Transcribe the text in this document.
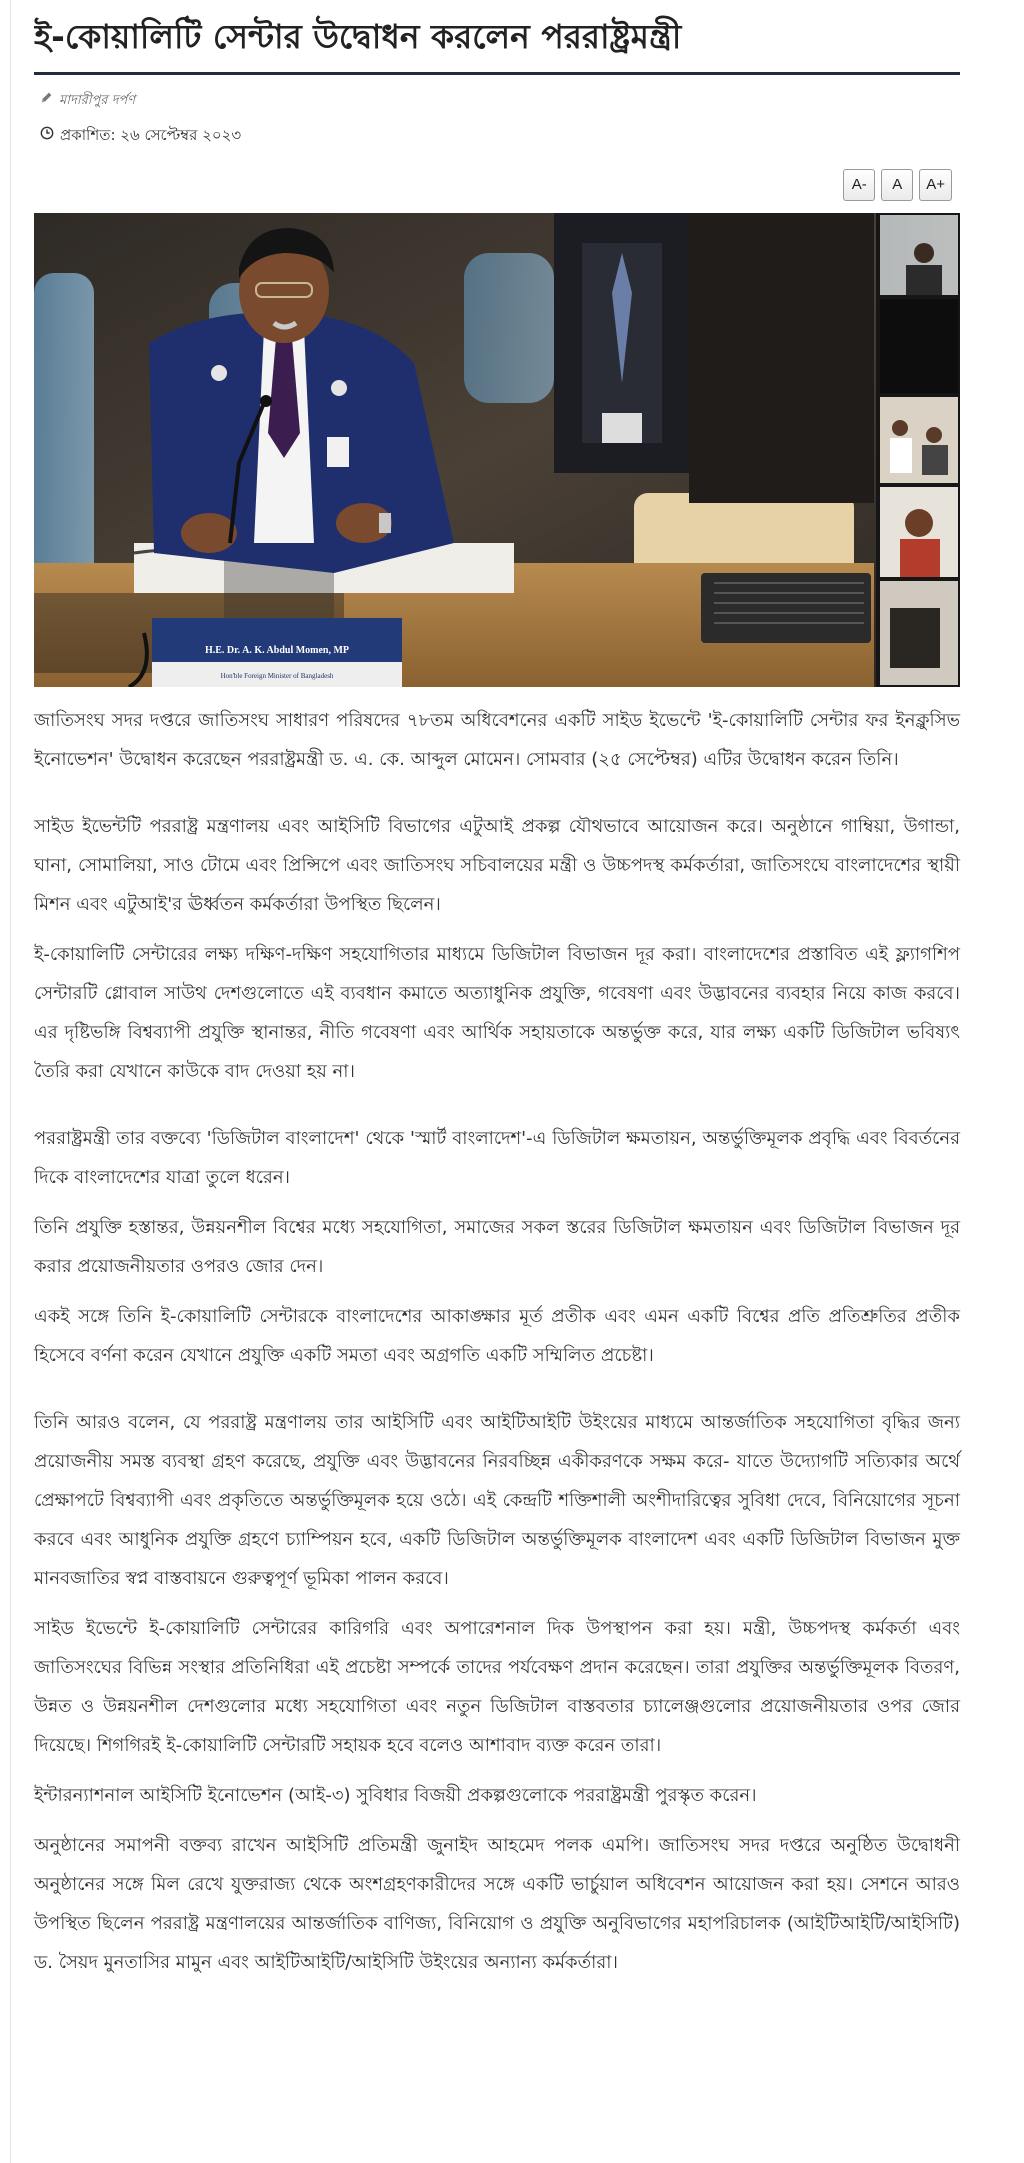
ই-কোয়ালিটি সেন্টার উদ্বোধন করলেন পররাষ্ট্রমন্ত্রী
মাদারীপুর দর্পণ
প্রকাশিত: ২৬ সেপ্টেম্বর ২০২৩
A-	A	A+
H.E. Dr. A. K. Abdul Momen, MP
Hon'ble Foreign Minister of Bangladesh

জাতিসংঘ সদর দপ্তরে জাতিসংঘ সাধারণ পরিষদের ৭৮তম অধিবেশনের একটি সাইড ইভেন্টে 'ই-কোয়ালিটি সেন্টার ফর ইনক্লুসিভ ইনোভেশন' উদ্বোধন করেছেন পররাষ্ট্রমন্ত্রী ড. এ. কে. আব্দুল মোমেন। সোমবার (২৫ সেপ্টেম্বর) এটির উদ্বোধন করেন তিনি।

সাইড ইভেন্টটি পররাষ্ট্র মন্ত্রণালয় এবং আইসিটি বিভাগের এটুআই প্রকল্প যৌথভাবে আয়োজন করে। অনুষ্ঠানে গাম্বিয়া, উগান্ডা, ঘানা, সোমালিয়া, সাও টোমে এবং প্রিন্সিপে এবং জাতিসংঘ সচিবালয়ের মন্ত্রী ও উচ্চপদস্থ কর্মকর্তারা, জাতিসংঘে বাংলাদেশের স্থায়ী মিশন এবং এটুআই'র ঊর্ধ্বতন কর্মকর্তারা উপস্থিত ছিলেন।

ই-কোয়ালিটি সেন্টারের লক্ষ্য দক্ষিণ-দক্ষিণ সহযোগিতার মাধ্যমে ডিজিটাল বিভাজন দূর করা। বাংলাদেশের প্রস্তাবিত এই ফ্ল্যাগশিপ সেন্টারটি গ্লোবাল সাউথ দেশগুলোতে এই ব্যবধান কমাতে অত্যাধুনিক প্রযুক্তি, গবেষণা এবং উদ্ভাবনের ব্যবহার নিয়ে কাজ করবে। এর দৃষ্টিভঙ্গি বিশ্বব্যাপী প্রযুক্তি স্থানান্তর, নীতি গবেষণা এবং আর্থিক সহায়তাকে অন্তর্ভুক্ত করে, যার লক্ষ্য একটি ডিজিটাল ভবিষ্যৎ তৈরি করা যেখানে কাউকে বাদ দেওয়া হয় না।

পররাষ্ট্রমন্ত্রী তার বক্তব্যে 'ডিজিটাল বাংলাদেশ' থেকে 'স্মার্ট বাংলাদেশ'-এ ডিজিটাল ক্ষমতায়ন, অন্তর্ভুক্তিমূলক প্রবৃদ্ধি এবং বিবর্তনের দিকে বাংলাদেশের যাত্রা তুলে ধরেন।

তিনি প্রযুক্তি হস্তান্তর, উন্নয়নশীল বিশ্বের মধ্যে সহযোগিতা, সমাজের সকল স্তরের ডিজিটাল ক্ষমতায়ন এবং ডিজিটাল বিভাজন দূর করার প্রয়োজনীয়তার ওপরও জোর দেন।

একই সঙ্গে তিনি ই-কোয়ালিটি সেন্টারকে বাংলাদেশের আকাঙ্ক্ষার মূর্ত প্রতীক এবং এমন একটি বিশ্বের প্রতি প্রতিশ্রুতির প্রতীক হিসেবে বর্ণনা করেন যেখানে প্রযুক্তি একটি সমতা এবং অগ্রগতি একটি সম্মিলিত প্রচেষ্টা।

তিনি আরও বলেন, যে পররাষ্ট্র মন্ত্রণালয় তার আইসিটি এবং আইটিআইটি উইংয়ের মাধ্যমে আন্তর্জাতিক সহযোগিতা বৃদ্ধির জন্য প্রয়োজনীয় সমস্ত ব্যবস্থা গ্রহণ করেছে, প্রযুক্তি এবং উদ্ভাবনের নিরবচ্ছিন্ন একীকরণকে সক্ষম করে- যাতে উদ্যোগটি সত্যিকার অর্থে প্রেক্ষাপটে বিশ্বব্যাপী এবং প্রকৃতিতে অন্তর্ভুক্তিমূলক হয়ে ওঠে। এই কেন্দ্রটি শক্তিশালী অংশীদারিত্বের সুবিধা দেবে, বিনিয়োগের সূচনা করবে এবং আধুনিক প্রযুক্তি গ্রহণে চ্যাম্পিয়ন হবে, একটি ডিজিটাল অন্তর্ভুক্তিমূলক বাংলাদেশ এবং একটি ডিজিটাল বিভাজন মুক্ত মানবজাতির স্বপ্ন বাস্তবায়নে গুরুত্বপূর্ণ ভূমিকা পালন করবে।

সাইড ইভেন্টে ই-কোয়ালিটি সেন্টারের কারিগরি এবং অপারেশনাল দিক উপস্থাপন করা হয়। মন্ত্রী, উচ্চপদস্থ কর্মকর্তা এবং জাতিসংঘের বিভিন্ন সংস্থার প্রতিনিধিরা এই প্রচেষ্টা সম্পর্কে তাদের পর্যবেক্ষণ প্রদান করেছেন। তারা প্রযুক্তির অন্তর্ভুক্তিমূলক বিতরণ, উন্নত ও উন্নয়নশীল দেশগুলোর মধ্যে সহযোগিতা এবং নতুন ডিজিটাল বাস্তবতার চ্যালেঞ্জগুলোর প্রয়োজনীয়তার ওপর জোর দিয়েছে। শিগগিরই ই-কোয়ালিটি সেন্টারটি সহায়ক হবে বলেও আশাবাদ ব্যক্ত করেন তারা।

ইন্টারন্যাশনাল আইসিটি ইনোভেশন (আই-৩) সুবিধার বিজয়ী প্রকল্পগুলোকে পররাষ্ট্রমন্ত্রী পুরস্কৃত করেন।

অনুষ্ঠানের সমাপনী বক্তব্য রাখেন আইসিটি প্রতিমন্ত্রী জুনাইদ আহমেদ পলক এমপি। জাতিসংঘ সদর দপ্তরে অনুষ্ঠিত উদ্বোধনী অনুষ্ঠানের সঙ্গে মিল রেখে যুক্তরাজ্য থেকে অংশগ্রহণকারীদের সঙ্গে একটি ভার্চুয়াল অধিবেশন আয়োজন করা হয়। সেশনে আরও উপস্থিত ছিলেন পররাষ্ট্র মন্ত্রণালয়ের আন্তর্জাতিক বাণিজ্য, বিনিয়োগ ও প্রযুক্তি অনুবিভাগের মহাপরিচালক (আইটিআইটি/আইসিটি) ড. সৈয়দ মুনতাসির মামুন এবং আইটিআইটি/আইসিটি উইংয়ের অন্যান্য কর্মকর্তারা।
